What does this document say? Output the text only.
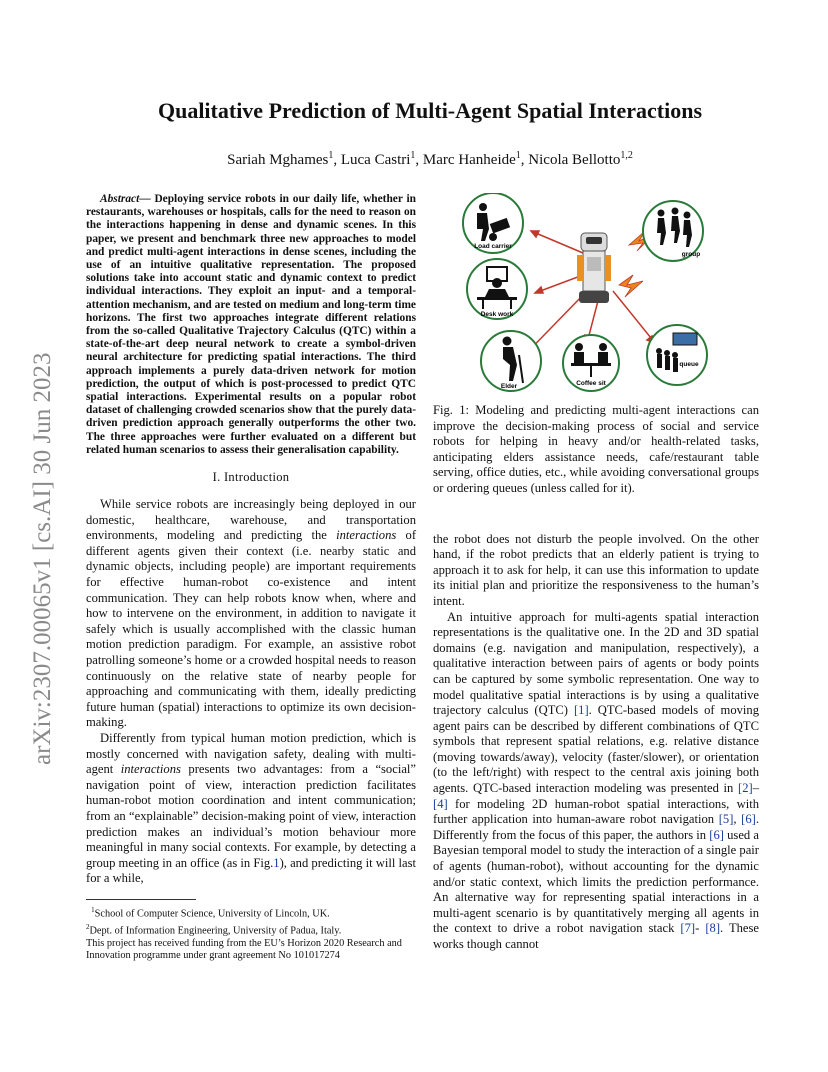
arXiv:2307.00065v1 [cs.AI] 30 Jun 2023
Qualitative Prediction of Multi-Agent Spatial Interactions
Sariah Mghames$^1$, Luca Castri$^1$, Marc Hanheide$^1$, Nicola Bellotto$^{1,2}$

Abstract— Deploying service robots in our daily life, whether in restaurants, warehouses or hospitals, calls for the need to reason on the interactions happening in dense and dynamic scenes. In this paper, we present and benchmark three new approaches to model and predict multi-agent interactions in dense scenes, including the use of an intuitive qualitative representation. The proposed solutions take into account static and dynamic context to predict individual interactions. They exploit an input- and a temporal-attention mechanism, and are tested on medium and long-term time horizons. The first two approaches integrate different relations from the so-called Qualitative Trajectory Calculus (QTC) within a state-of-the-art deep neural network to create a symbol-driven neural architecture for predicting spatial interactions. The third approach implements a purely data-driven network for motion prediction, the output of which is post-processed to predict QTC spatial interactions. Experimental results on a popular robot dataset of challenging crowded scenarios show that the purely data-driven prediction approach generally outperforms the other two. The three approaches were further evaluated on a different but related human scenarios to assess their generalisation capability.

I. Introduction

While service robots are increasingly being deployed in our domestic, healthcare, warehouse, and transportation environments, modeling and predicting the interactions of different agents given their context (i.e. nearby static and dynamic objects, including people) are important requirements for effective human-robot co-existence and intent communication. They can help robots know when, where and how to intervene on the environment, in addition to navigate it safely which is usually accomplished with the classic human motion prediction paradigm. For example, an assistive robot patrolling someone’s home or a crowded hospital needs to reason continuously on the relative state of nearby people for approaching and communicating with them, ideally predicting future human (spatial) interactions to optimize its own decision-making.

Differently from typical human motion prediction, which is mostly concerned with navigation safety, dealing with multi-agent interactions presents two advantages: from a “social” navigation point of view, interaction prediction facilitates human-robot motion coordination and intent communication; from an “explainable” decision-making point of view, interaction prediction makes an individual’s motion behaviour more meaningful in many social contexts. For example, by detecting a group meeting in an office (as in Fig.1), and predicting it will last for a while,

$^1$School of Computer Science, University of Lincoln, UK.
$^2$Dept. of Information Engineering, University of Padua, Italy.
This project has received funding from the EU’s Horizon 2020 Research and Innovation programme under grant agreement No 101017274
Load carrier
group
Desk work
Elder	Coffee sit
queue

Fig. 1: Modeling and predicting multi-agent interactions can improve the decision-making process of social and service robots for helping in heavy and/or health-related tasks, anticipating elders assistance needs, cafe/restaurant table serving, office duties, etc., while avoiding conversational groups or ordering queues (unless called for it).

the robot does not disturb the people involved. On the other hand, if the robot predicts that an elderly patient is trying to approach it to ask for help, it can use this information to update its initial plan and prioritize the responsiveness to the human’s intent.

An intuitive approach for multi-agents spatial interaction representations is the qualitative one. In the 2D and 3D spatial domains (e.g. navigation and manipulation, respectively), a qualitative interaction between pairs of agents or body points can be captured by some symbolic representation. One way to model qualitative spatial interactions is by using a qualitative trajectory calculus (QTC) [1]. QTC-based models of moving agent pairs can be described by different combinations of QTC symbols that represent spatial relations, e.g. relative distance (moving towards/away), velocity (faster/slower), or orientation (to the left/right) with respect to the central axis joining both agents. QTC-based interaction modeling was presented in [2]–[4] for modeling 2D human-robot spatial interactions, with further application into human-aware robot navigation [5], [6]. Differently from the focus of this paper, the authors in [6] used a Bayesian temporal model to study the interaction of a single pair of agents (human-robot), without accounting for the dynamic and/or static context, which limits the prediction performance. An alternative way for representing spatial interactions in a multi-agent scenario is by quantitatively merging all agents in the context to drive a robot navigation stack [7]- [8]. These works though cannot
